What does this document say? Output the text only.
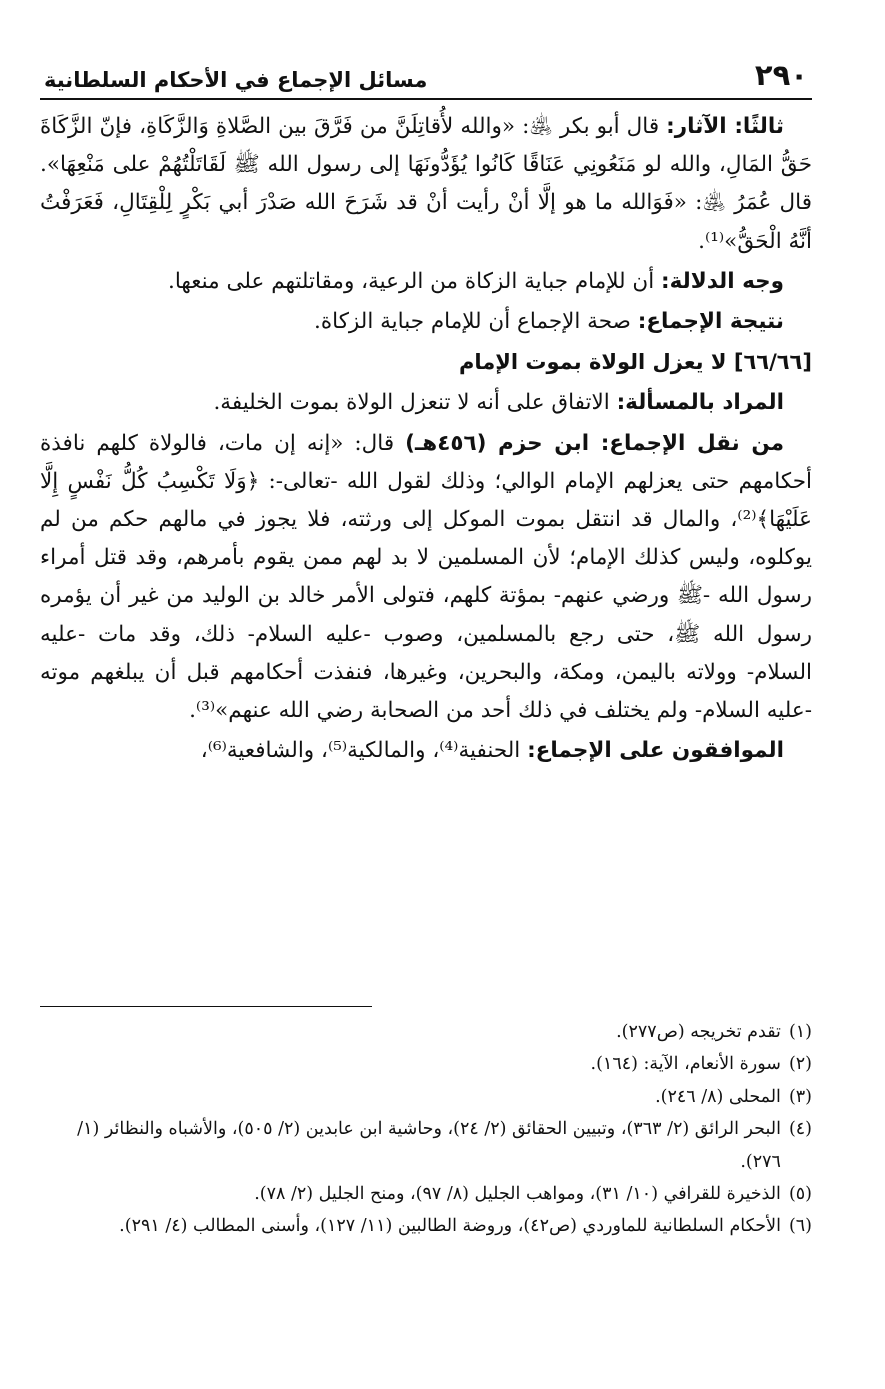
٢٩٠
مسائل الإجماع في الأحكام السلطانية

ثالثًا: الآثار: قال أبو بكر ﵁: «والله لأُقاتِلَنَّ من فَرَّقَ بين الصَّلاةِ وَالزَّكَاةِ، فإنّ الزَّكَاةَ حَقُّ المَالِ، والله لو مَنَعُونِي عَنَاقًا كَانُوا يُؤَدُّونَهَا إلى رسول الله ﷺ لَقَاتَلْتُهُمْ على مَنْعِهَا». قال عُمَرُ ﵁: «فَوَالله ما هو إلَّا أنْ رأيت أنْ قد شَرَحَ الله صَدْرَ أبي بَكْرٍ لِلْقِتَالِ، فَعَرَفْتُ أنَّهُ الْحَقُّ»⁽¹⁾.

وجه الدلالة: أن للإمام جباية الزكاة من الرعية، ومقاتلتهم على منعها.

نتيجة الإجماع: صحة الإجماع أن للإمام جباية الزكاة.

[٦٦/٦٦] لا يعزل الولاة بموت الإمام

المراد بالمسألة: الاتفاق على أنه لا تنعزل الولاة بموت الخليفة.

من نقل الإجماع: ابن حزم (٤٥٦هـ) قال: «إنه إن مات، فالولاة كلهم نافذة أحكامهم حتى يعزلهم الإمام الوالي؛ وذلك لقول الله -تعالى-: ﴿وَلَا تَكْسِبُ كُلُّ نَفْسٍ إِلَّا عَلَيْهَا﴾⁽²⁾، والمال قد انتقل بموت الموكل إلى ورثته، فلا يجوز في مالهم حكم من لم يوكلوه، وليس كذلك الإمام؛ لأن المسلمين لا بد لهم ممن يقوم بأمرهم، وقد قتل أمراء رسول الله -ﷺ ورضي عنهم- بمؤتة كلهم، فتولى الأمر خالد بن الوليد من غير أن يؤمره رسول الله ﷺ، حتى رجع بالمسلمين، وصوب -عليه السلام- ذلك، وقد مات -عليه السلام- وولاته باليمن، ومكة، والبحرين، وغيرها، فنفذت أحكامهم قبل أن يبلغهم موته -عليه السلام- ولم يختلف في ذلك أحد من الصحابة رضي الله عنهم»⁽³⁾.

الموافقون على الإجماع: الحنفية⁽⁴⁾، والمالكية⁽⁵⁾، والشافعية⁽⁶⁾،

(١)
تقدم تخريجه (ص٢٧٧).
(٢)
سورة الأنعام، الآية: (١٦٤).
(٣)
المحلى (٨/ ٢٤٦).
(٤)
البحر الرائق (٢/ ٣٦٣)، وتبيين الحقائق (٢/ ٢٤)، وحاشية ابن عابدين (٢/ ٥٠٥)، والأشباه والنظائر (١/ ٢٧٦).
(٥)
الذخيرة للقرافي (١٠/ ٣١)، ومواهب الجليل (٨/ ٩٧)، ومنح الجليل (٢/ ٧٨).
(٦)
الأحكام السلطانية للماوردي (ص٤٢)، وروضة الطالبين (١١/ ١٢٧)، وأسنى المطالب (٤/ ٢٩١).
